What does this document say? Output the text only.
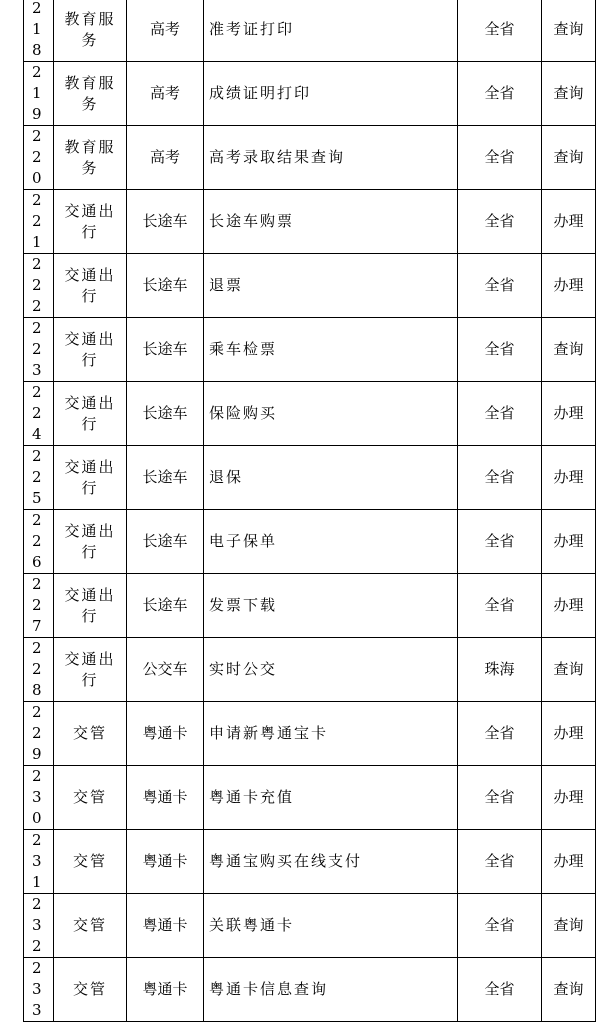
218	教育服务	高考	准考证打印	全省	查询
219	教育服务	高考	成绩证明打印	全省	查询
220	教育服务	高考	高考录取结果查询	全省	查询
221	交通出行	长途车	长途车购票	全省	办理
222	交通出行	长途车	退票	全省	办理
223	交通出行	长途车	乘车检票	全省	查询
224	交通出行	长途车	保险购买	全省	办理
225	交通出行	长途车	退保	全省	办理
226	交通出行	长途车	电子保单	全省	办理
227	交通出行	长途车	发票下载	全省	办理
228	交通出行	公交车	实时公交	珠海	查询
229	交管	粤通卡	申请新粤通宝卡	全省	办理
230	交管	粤通卡	粤通卡充值	全省	办理
231	交管	粤通卡	粤通宝购买在线支付	全省	办理
232	交管	粤通卡	关联粤通卡	全省	查询
233	交管	粤通卡	粤通卡信息查询	全省	查询
